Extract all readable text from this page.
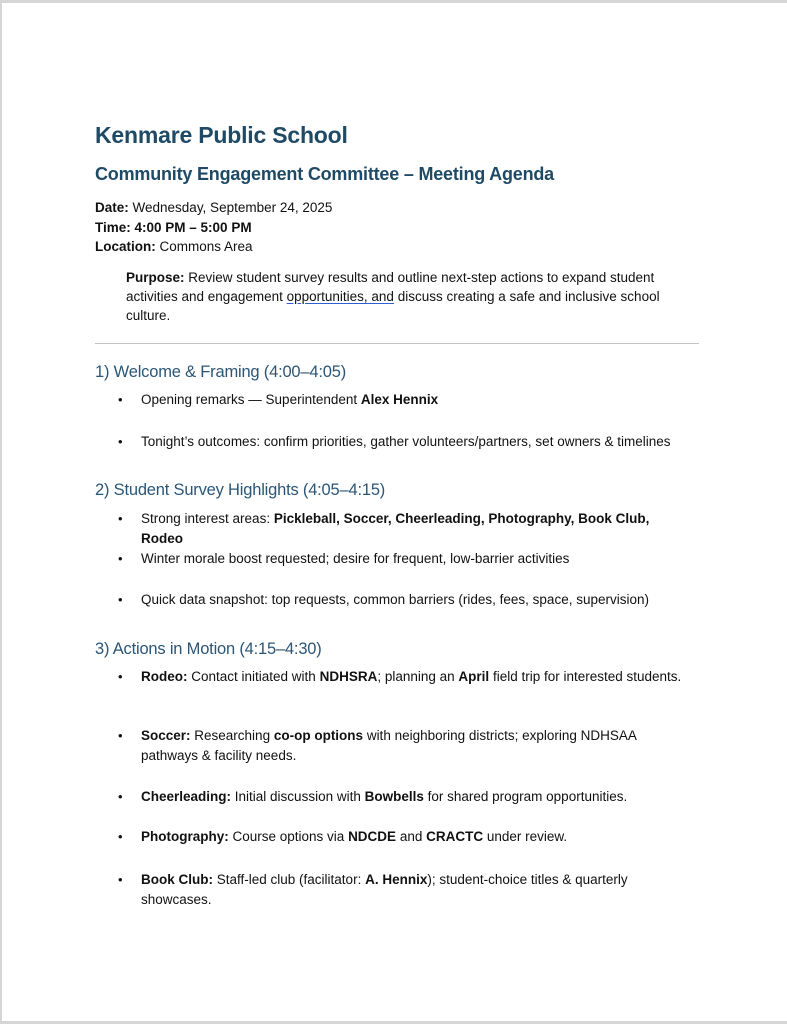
Kenmare Public School
Community Engagement Committee – Meeting Agenda
Date: Wednesday, September 24, 2025
Time: 4:00 PM – 5:00 PM
Location: Commons Area
Purpose: Review student survey results and outline next-step actions to expand student activities and engagement opportunities, and discuss creating a safe and inclusive school culture.
1) Welcome & Framing (4:00–4:05)
• Opening remarks — Superintendent Alex Hennix
• Tonight’s outcomes: confirm priorities, gather volunteers/partners, set owners & timelines
2) Student Survey Highlights (4:05–4:15)
• Strong interest areas: Pickleball, Soccer, Cheerleading, Photography, Book Club, Rodeo
• Winter morale boost requested; desire for frequent, low-barrier activities
• Quick data snapshot: top requests, common barriers (rides, fees, space, supervision)
3) Actions in Motion (4:15–4:30)
• Rodeo: Contact initiated with NDHSRA; planning an April field trip for interested students.
• Soccer: Researching co-op options with neighboring districts; exploring NDHSAA pathways & facility needs.
• Cheerleading: Initial discussion with Bowbells for shared program opportunities.
• Photography: Course options via NDCDE and CRACTC under review.
• Book Club: Staff-led club (facilitator: A. Hennix); student-choice titles & quarterly showcases.
